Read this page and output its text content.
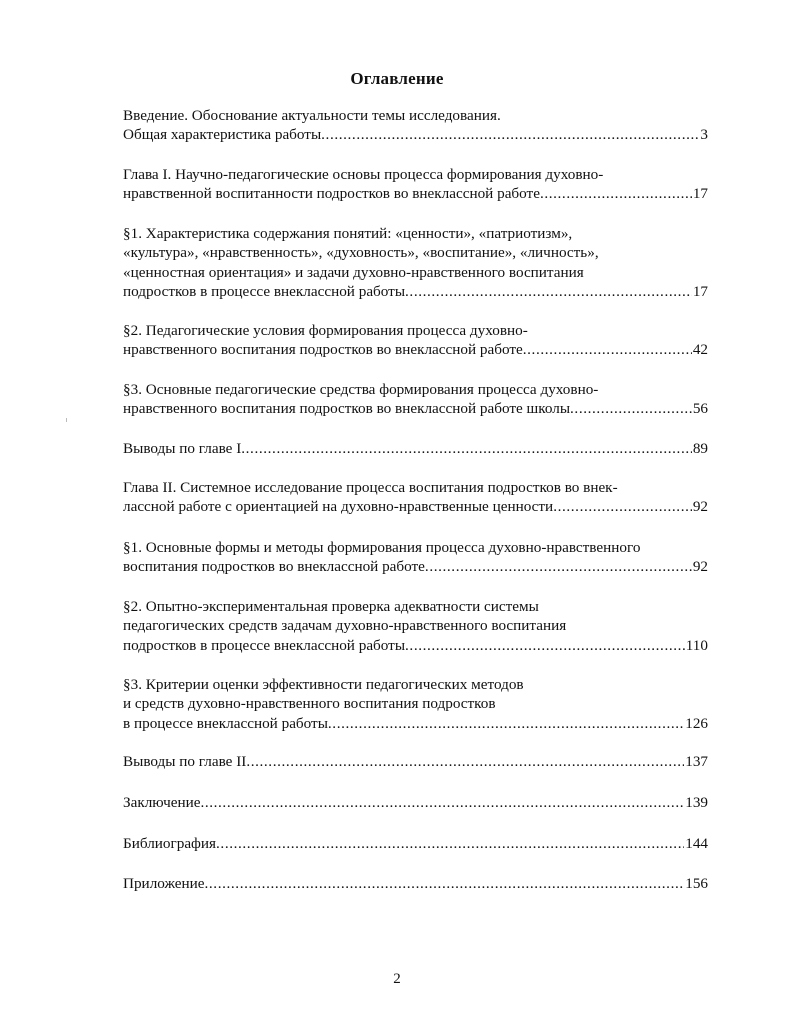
Оглавление
Введение. Обоснование актуальности темы исследования.
Общая характеристика работы .....	3
Глава I. Научно-педагогические основы процесса формирования духовно-
нравственной воспитанности подростков во внеклассной работе .....	17
§1. Характеристика содержания понятий: «ценности», «патриотизм»,
«культура», «нравственность», «духовность», «воспитание», «личность»,
«ценностная ориентация» и задачи духовно-нравственного воспитания
подростков в процессе внеклассной работы .....	17
§2. Педагогические условия формирования процесса духовно-
нравственного воспитания подростков во внеклассной работе .....	42
§3. Основные педагогические средства формирования процесса духовно-
нравственного воспитания подростков во внеклассной работе школы .....	56
Выводы по главе I .....	89
Глава II. Системное исследование процесса воспитания подростков во внек-
лассной работе с ориентацией на духовно-нравственные ценности .....	92
§1. Основные формы и методы формирования процесса духовно-нравственного
воспитания подростков во внеклассной работе .....	92
§2. Опытно-экспериментальная проверка адекватности системы
педагогических средств задачам духовно-нравственного воспитания
подростков в процессе внеклассной работы .....	110
§3. Критерии оценки эффективности педагогических методов
и средств духовно-нравственного воспитания подростков
в процессе внеклассной работы .....	126
Выводы по главе II .....	137
Заключение .....	139
Библиография .....	144
Приложение .....	156
2
